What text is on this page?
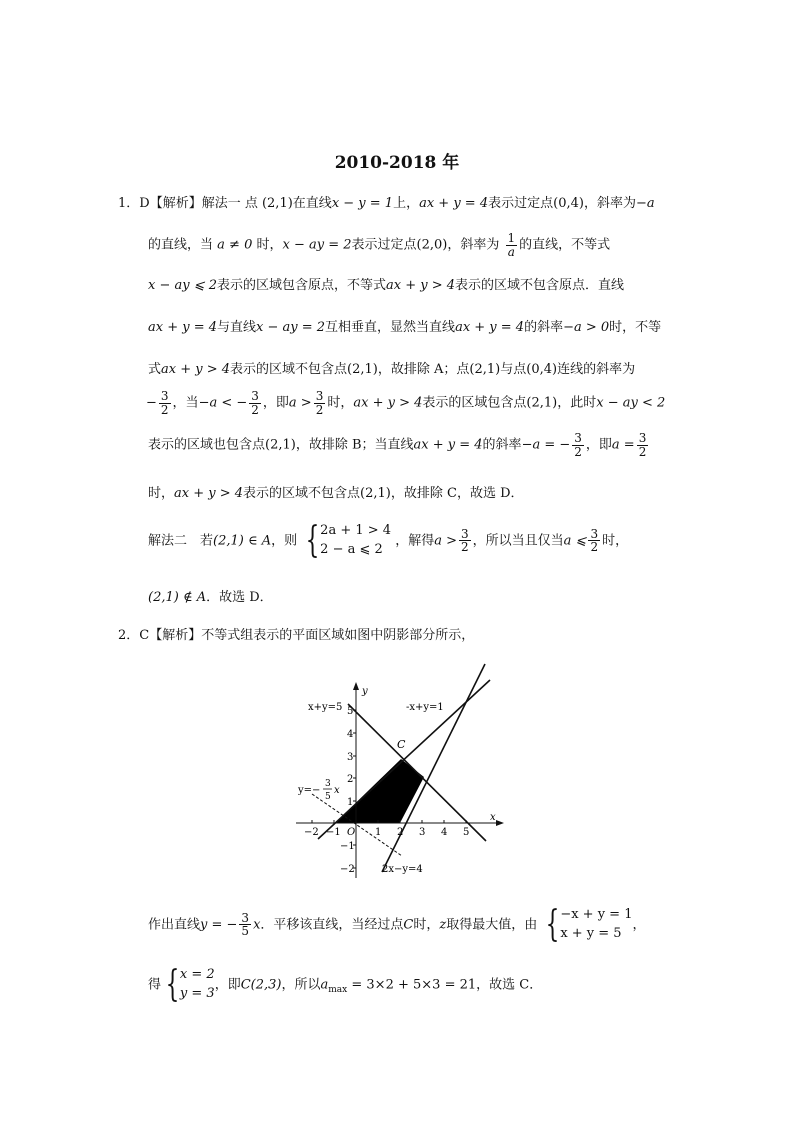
2010-2018 年
1．D【解析】解法一 点 (2,1)在直线x − y = 1上，ax + y = 4表示过定点(0,4)，斜率为−a
的直线，当 a ≠ 0 时，x − ay = 2表示过定点(2,0)，斜率为 $\frac{1}{a}$ 的直线，不等式
x − ay ⩽ 2表示的区域包含原点，不等式ax + y > 4表示的区域不包含原点．直线
ax + y = 4与直线x − ay = 2互相垂直，显然当直线ax + y = 4的斜率−a > 0时，不等
式ax + y > 4表示的区域不包含点(2,1)，故排除 A；点(2,1)与点(0,4)连线的斜率为
− $\frac{3}{2}$ ，当−a < − $\frac{3}{2}$ ，即$a > \frac{3}{2}$ 时，ax + y > 4表示的区域包含点(2,1)，此时x − ay < 2
表示的区域也包含点(2,1)，故排除 B；当直线ax + y = 4的斜率−a = − $\frac{3}{2}$ ，即$a = \frac{3}{2}$
时，ax + y > 4表示的区域不包含点(2,1)，故排除 C，故选 D．
解法二　若(2,1) ∈ A，则 { 2a + 1 > 4
2 − a ⩽ 2
，解得$a > \frac{3}{2}$ ，所以当且仅当a ⩽ $\frac{3}{2}$ 时，
(2,1) ∉ A．故选 D．
2．C【解析】不等式组表示的平面区域如图中阴影部分所示，
x+y=5
y
-x+y=1
C
y=−
3
5
x
x
O
2x−y=4
5
4
3
2
1
−1
−2
−2 −1	1 2 3 4 5
作出直线y = − $\frac{3}{5}$ x．平移该直线，当经过点C时，z取得最大值，由 { −x + y = 1
x + y = 5
，
得 { x = 2
y = 3
，即C(2,3)，所以$a_{max} = 3\times 2 + 5\times 3 = 21$，故选 C．
